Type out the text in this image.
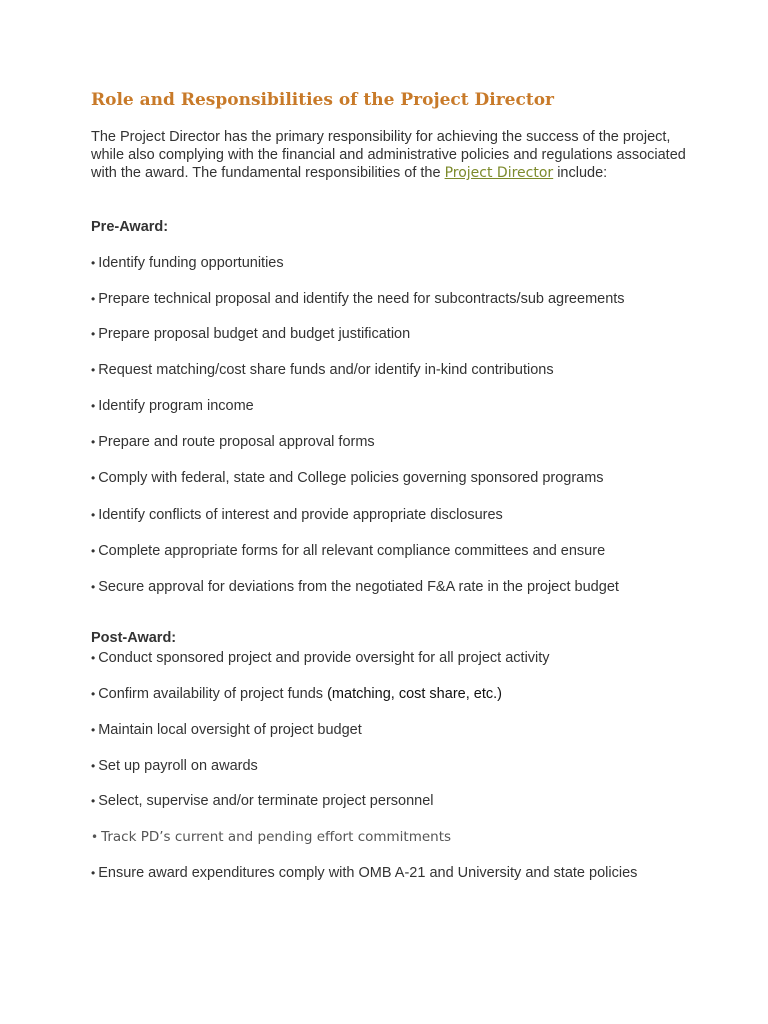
Role and Responsibilities of the Project Director

The Project Director has the primary responsibility for achieving the success of the project, while also complying with the financial and administrative policies and regulations associated with the award. The fundamental responsibilities of the Project Director include:

Pre-Award:
• Identify funding opportunities
• Prepare technical proposal and identify the need for subcontracts/sub agreements
• Prepare proposal budget and budget justification
• Request matching/cost share funds and/or identify in-kind contributions
• Identify program income
• Prepare and route proposal approval forms
• Comply with federal, state and College policies governing sponsored programs
• Identify conflicts of interest and provide appropriate disclosures
• Complete appropriate forms for all relevant compliance committees and ensure
• Secure approval for deviations from the negotiated F&A rate in the project budget
Post-Award:
• Conduct sponsored project and provide oversight for all project activity
• Confirm availability of project funds (matching, cost share, etc.)
• Maintain local oversight of project budget
• Set up payroll on awards
• Select, supervise and/or terminate project personnel
• Track PD’s current and pending effort commitments
• Ensure award expenditures comply with OMB A-21 and University and state policies
